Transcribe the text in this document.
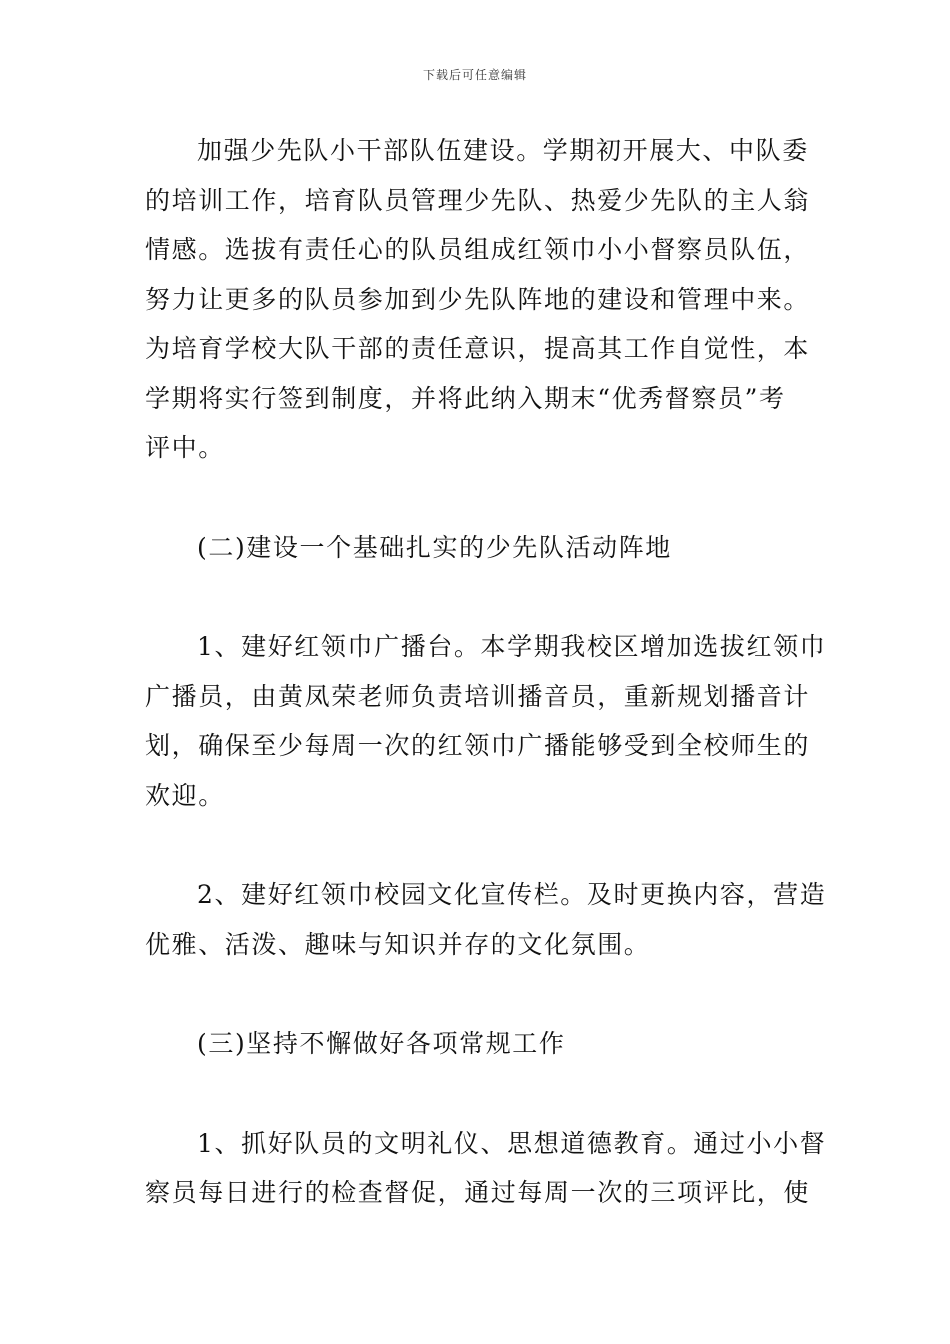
下载后可任意编辑
加强少先队小干部队伍建设。学期初开展大、中队委
的培训工作，培育队员管理少先队、热爱少先队的主人翁
情感。选拔有责任心的队员组成红领巾小小督察员队伍，
努力让更多的队员参加到少先队阵地的建设和管理中来。
为培育学校大队干部的责任意识，提高其工作自觉性，本
学期将实行签到制度，并将此纳入期末“优秀督察员”考
评中。
(二)建设一个基础扎实的少先队活动阵地
1、建好红领巾广播台。本学期我校区增加选拔红领巾
广播员，由黄凤荣老师负责培训播音员，重新规划播音计
划，确保至少每周一次的红领巾广播能够受到全校师生的
欢迎。
2、建好红领巾校园文化宣传栏。及时更换内容，营造
优雅、活泼、趣味与知识并存的文化氛围。
(三)坚持不懈做好各项常规工作
1、抓好队员的文明礼仪、思想道德教育。通过小小督
察员每日进行的检查督促，通过每周一次的三项评比，使
